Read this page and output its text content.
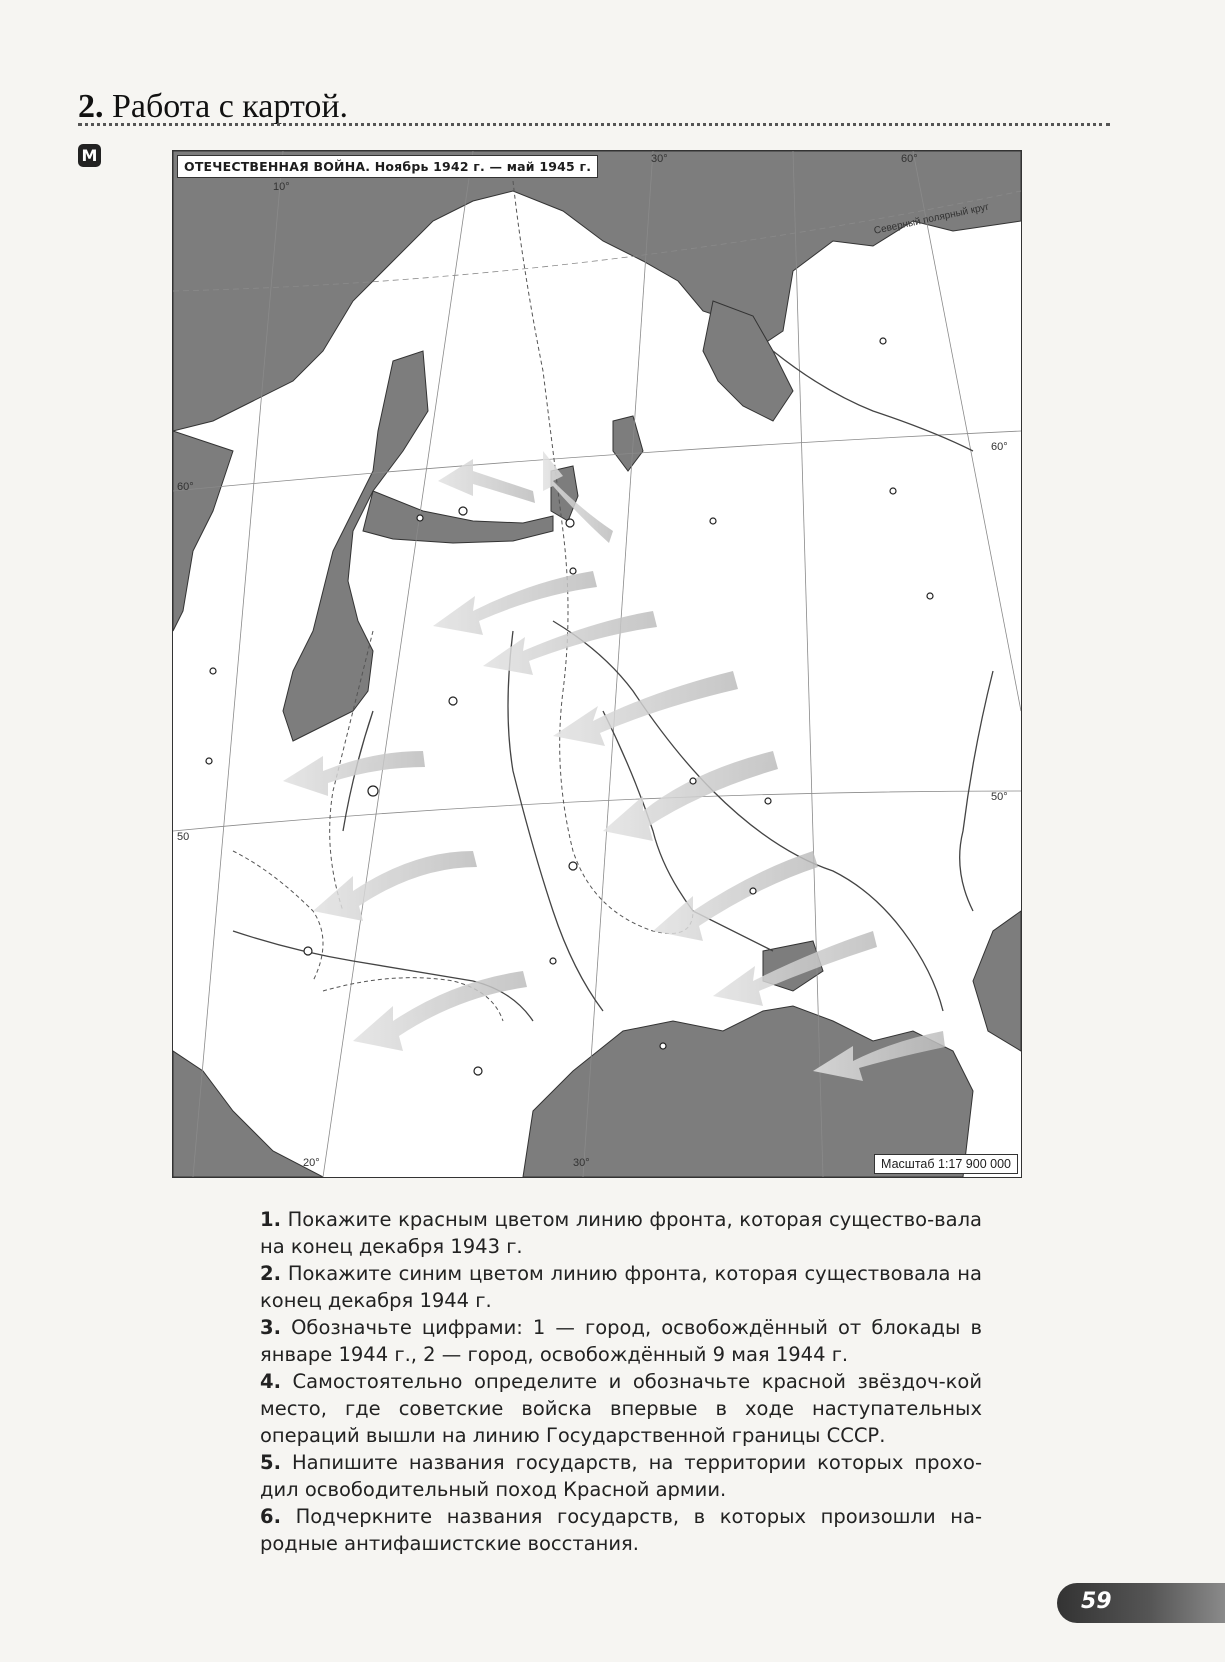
2. Работа с картой.
М
ОТЕЧЕСТВЕННАЯ ВОЙНА. Ноябрь 1942 г. — май 1945 г.
Масштаб 1:17 900 000
30°	60°
10°
60°
60°
50°
50
20°	30°
Северный полярный круг
1. Покажите красным цветом линию фронта, которая существо-вала на конец декабря 1943 г.
2. Покажите синим цветом линию фронта, которая существовала на конец декабря 1944 г.
3. Обозначьте цифрами: 1 — город, освобождённый от блокады в январе 1944 г., 2 — город, освобождённый 9 мая 1944 г.
4. Самостоятельно определите и обозначьте красной звёздоч-кой место, где советские войска впервые в ходе наступательных операций вышли на линию Государственной границы СССР.
5. Напишите названия государств, на территории которых прохо-дил освободительный поход Красной армии.
6. Подчеркните названия государств, в которых произошли на-родные антифашистские восстания.
59
